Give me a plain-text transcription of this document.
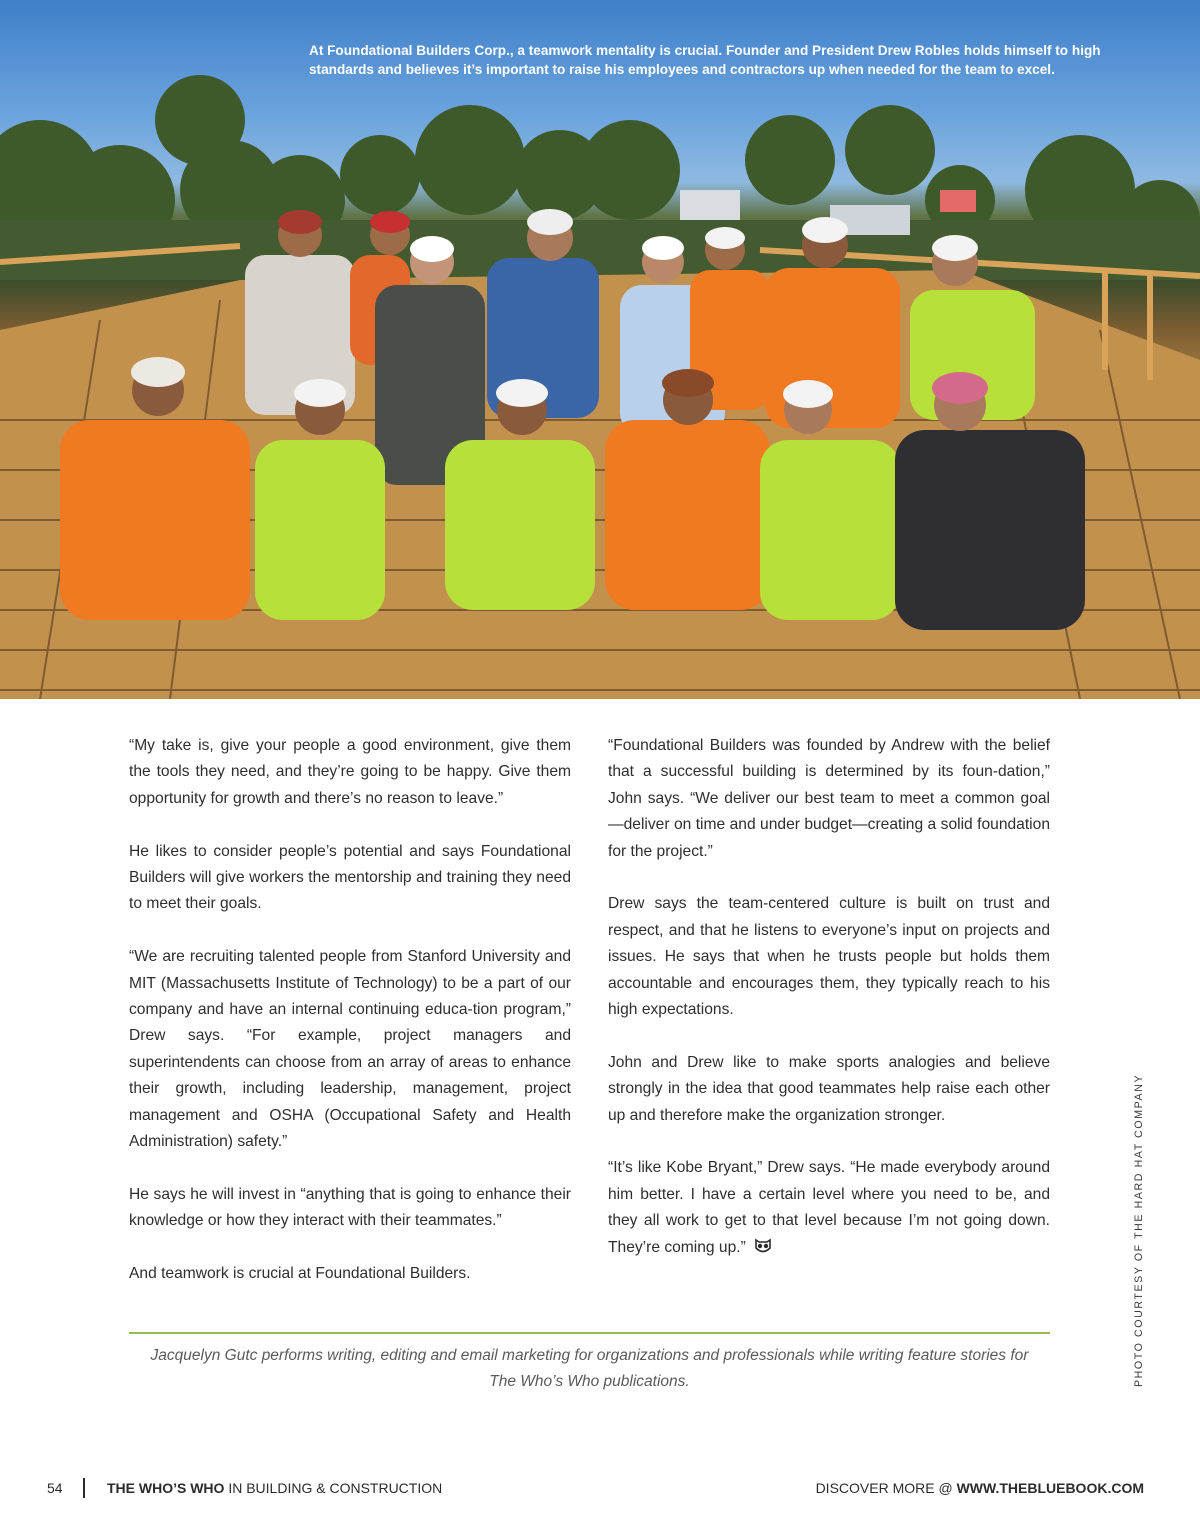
At Foundational Builders Corp., a teamwork mentality is crucial. Founder and President Drew Robles holds himself to high standards and believes it’s important to raise his employees and contractors up when needed for the team to excel.

“My take is, give your people a good environment, give them the tools they need, and they’re going to be happy. Give them opportunity for growth and there’s no reason to leave.”

He likes to consider people’s potential and says Foundational Builders will give workers the mentorship and training they need to meet their goals.

“We are recruiting talented people from Stanford University and MIT (Massachusetts Institute of Technology) to be a part of our company and have an internal continuing educa-tion program,” Drew says. “For example, project managers and superintendents can choose from an array of areas to enhance their growth, including leadership, management, project management and OSHA (Occupational Safety and Health Administration) safety.”

He says he will invest in “anything that is going to enhance their knowledge or how they interact with their teammates.”

And teamwork is crucial at Foundational Builders.

“Foundational Builders was founded by Andrew with the belief that a successful building is determined by its foun-dation,” John says. “We deliver our best team to meet a common goal —deliver on time and under budget—creating a solid foundation for the project.”

Drew says the team-centered culture is built on trust and respect, and that he listens to everyone’s input on projects and issues. He says that when he trusts people but holds them accountable and encourages them, they typically reach to his high expectations.

John and Drew like to make sports analogies and believe strongly in the idea that good teammates help raise each other up and therefore make the organization stronger.

“It’s like Kobe Bryant,” Drew says. “He made everybody around him better. I have a certain level where you need to be, and they all work to get to that level because I’m not going down. They’re coming up.”

Jacquelyn Gutc performs writing, editing and email marketing for organizations and professionals while writing feature stories for The Who’s Who publications.	PHOTO COURTESY OF THE HARD HAT COMPANY
54	THE WHO’S WHO IN BUILDING & CONSTRUCTION	DISCOVER MORE @ WWW.THEBLUEBOOK.COM
